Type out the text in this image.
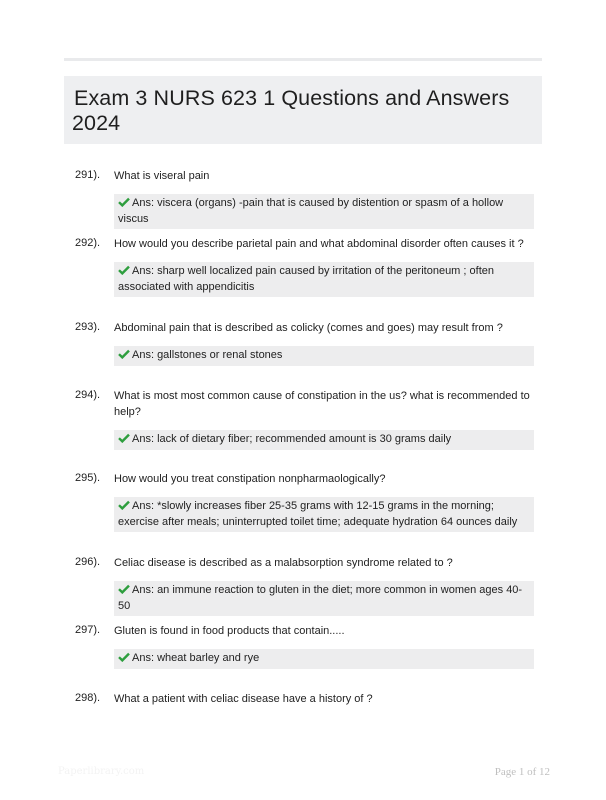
Exam 3 NURS 623 1 Questions and Answers
2024
291). What is viseral pain
Ans: viscera (organs) -pain that is caused by distention or spasm of a hollow viscus
292). How would you describe parietal pain and what abdominal disorder often causes it ?
Ans: sharp well localized pain caused by irritation of the peritoneum ; often associated with appendicitis
293). Abdominal pain that is described as colicky (comes and goes) may result from ?
Ans: gallstones or renal stones
294). What is most most common cause of constipation in the us? what is recommended to help?
Ans: lack of dietary fiber; recommended amount is 30 grams daily
295). How would you treat constipation nonpharmaologically?
Ans: *slowly increases fiber 25-35 grams with 12-15 grams in the morning; exercise after meals; uninterrupted toilet time; adequate hydration 64 ounces daily
296). Celiac disease is described as a malabsorption syndrome related to ?
Ans: an immune reaction to gluten in the diet; more common in women ages 40-50
297). Gluten is found in food products that contain.....
Ans: wheat barley and rye
298). What a patient with celiac disease have a history of ?
Paperlibrary.com	Page 1 of 12
